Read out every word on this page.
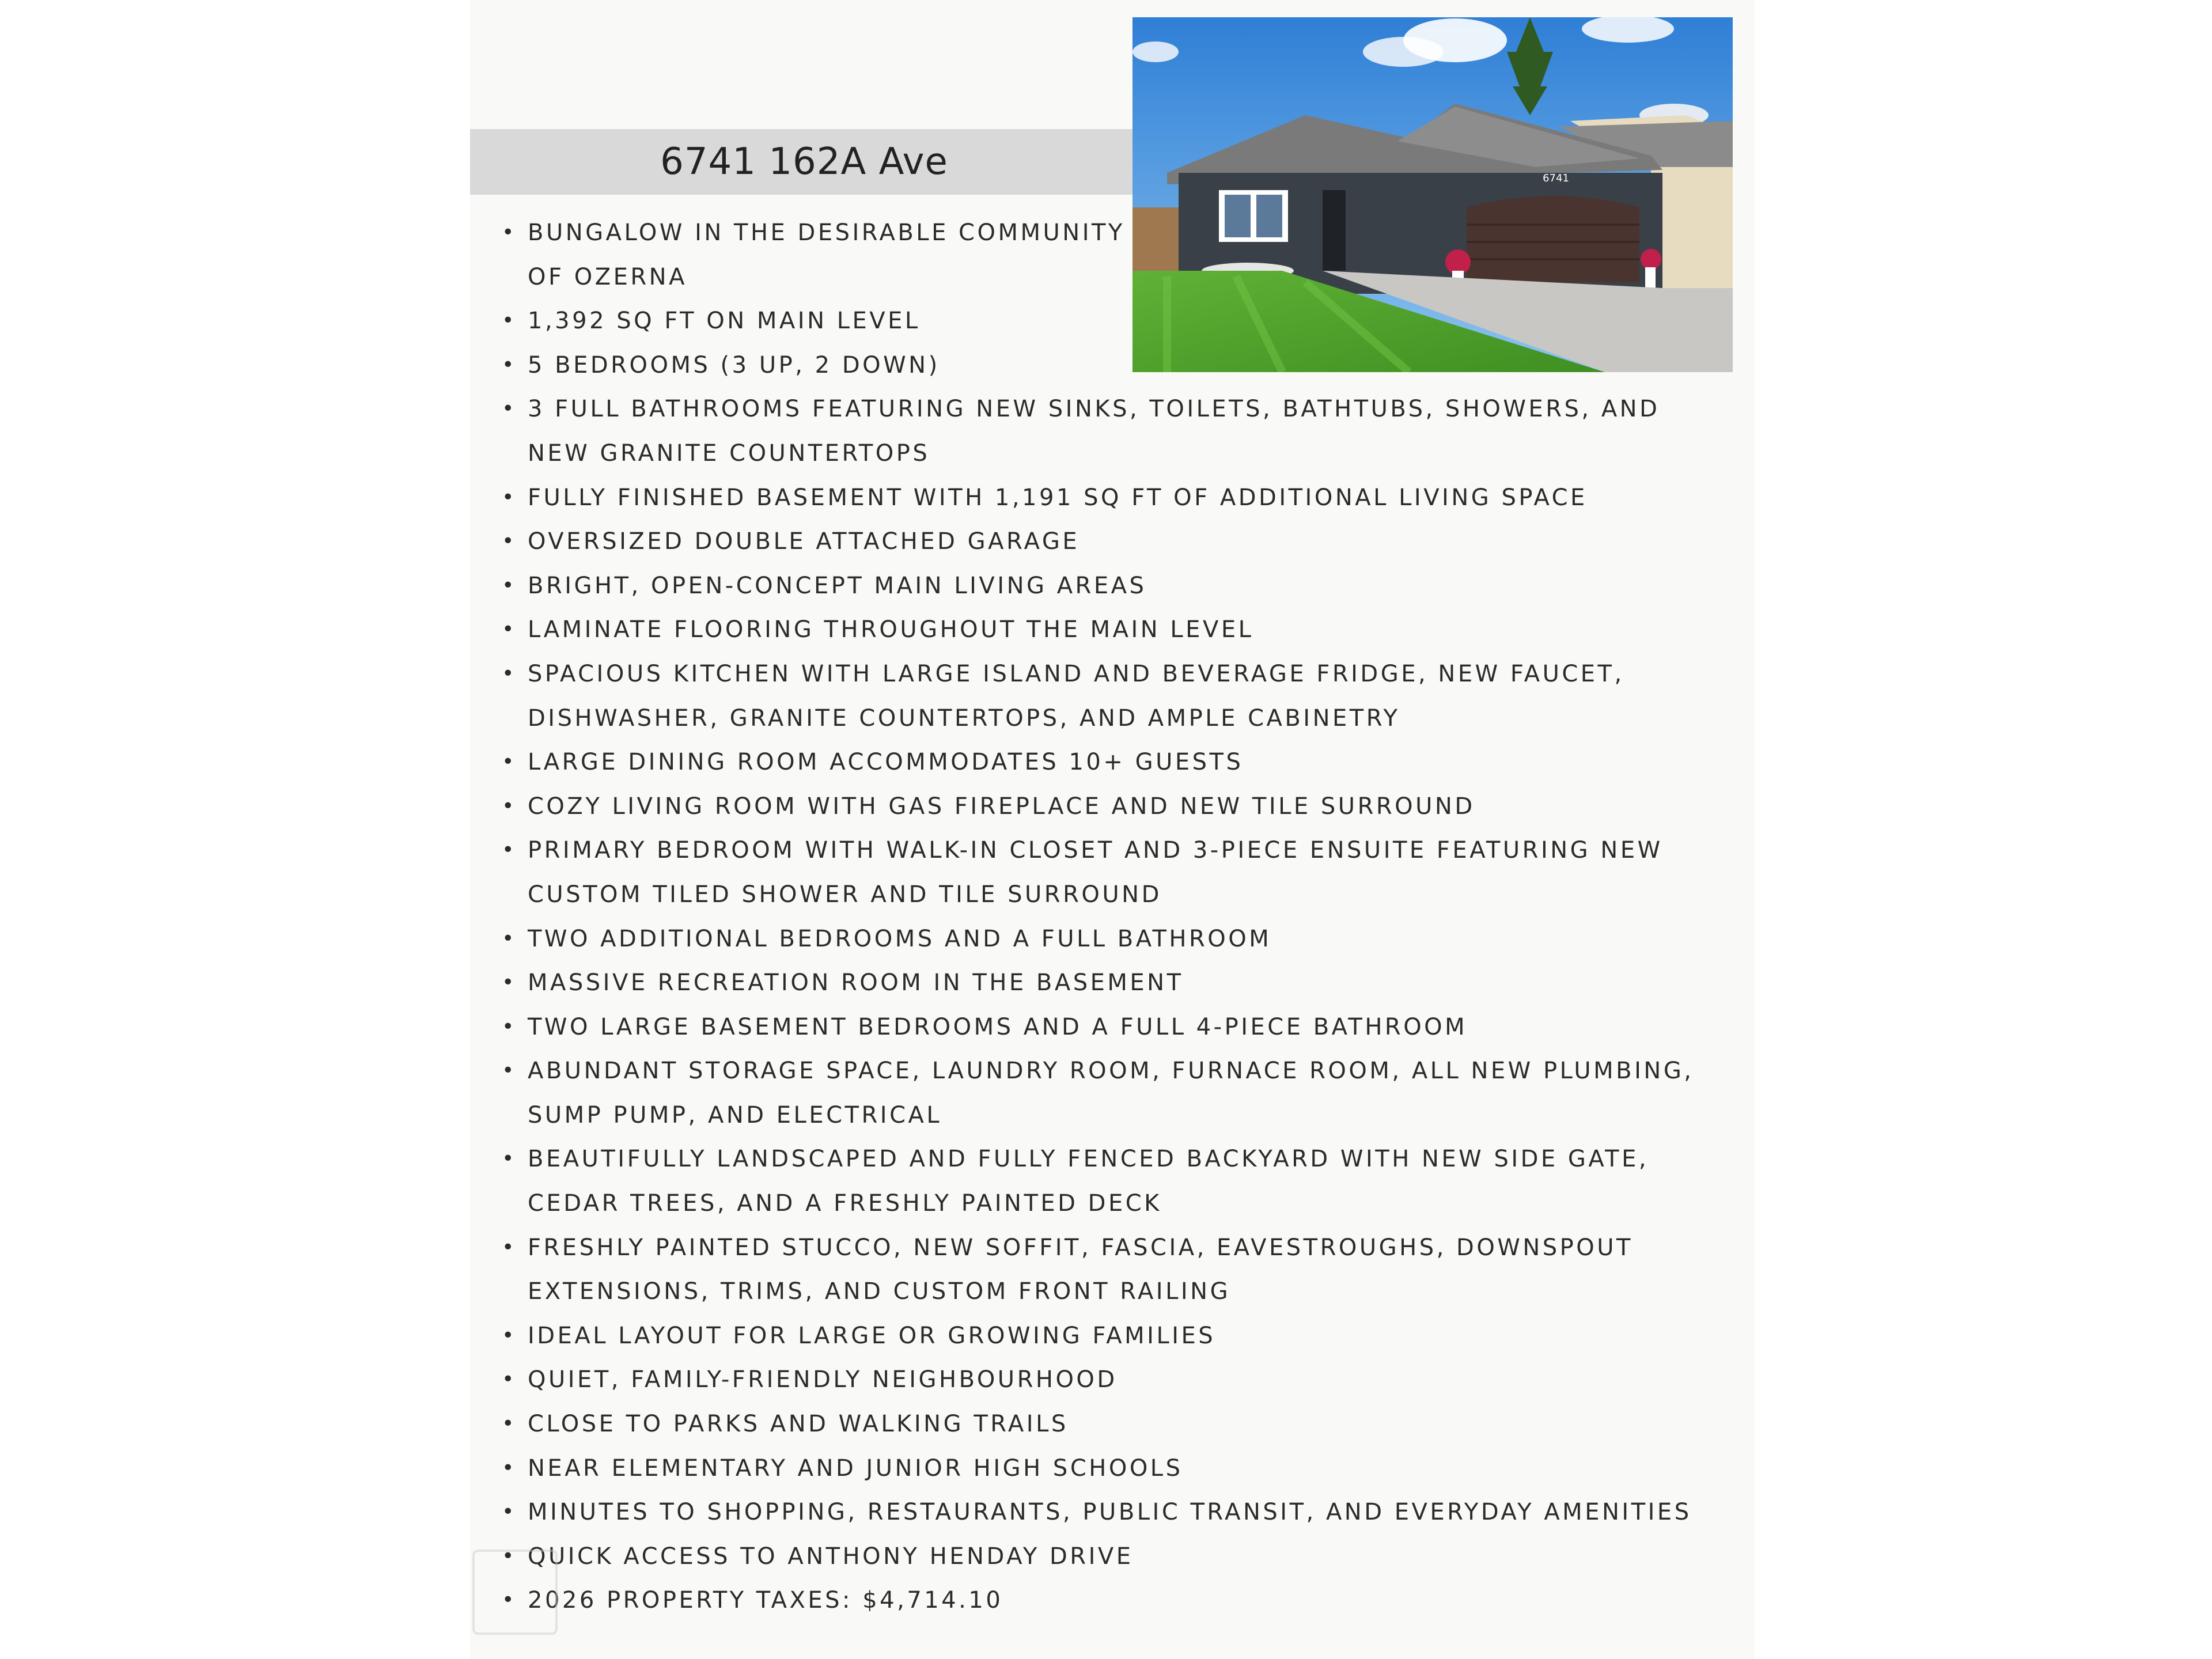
6741 162A Ave	6741
• BUNGALOW IN THE DESIRABLE COMMUNITY OF OZERNA
• 1,392 SQ FT ON MAIN LEVEL
• 5 BEDROOMS (3 UP, 2 DOWN)
• 3 FULL BATHROOMS FEATURING NEW SINKS, TOILETS, BATHTUBS, SHOWERS, AND NEW GRANITE COUNTERTOPS
• FULLY FINISHED BASEMENT WITH 1,191 SQ FT OF ADDITIONAL LIVING SPACE
• OVERSIZED DOUBLE ATTACHED GARAGE
• BRIGHT, OPEN-CONCEPT MAIN LIVING AREAS
• LAMINATE FLOORING THROUGHOUT THE MAIN LEVEL
• SPACIOUS KITCHEN WITH LARGE ISLAND AND BEVERAGE FRIDGE, NEW FAUCET, DISHWASHER, GRANITE COUNTERTOPS, AND AMPLE CABINETRY
• LARGE DINING ROOM ACCOMMODATES 10+ GUESTS
• COZY LIVING ROOM WITH GAS FIREPLACE AND NEW TILE SURROUND
• PRIMARY BEDROOM WITH WALK-IN CLOSET AND 3-PIECE ENSUITE FEATURING NEW CUSTOM TILED SHOWER AND TILE SURROUND
• TWO ADDITIONAL BEDROOMS AND A FULL BATHROOM
• MASSIVE RECREATION ROOM IN THE BASEMENT
• TWO LARGE BASEMENT BEDROOMS AND A FULL 4-PIECE BATHROOM
• ABUNDANT STORAGE SPACE, LAUNDRY ROOM, FURNACE ROOM, ALL NEW PLUMBING, SUMP PUMP, AND ELECTRICAL
• BEAUTIFULLY LANDSCAPED AND FULLY FENCED BACKYARD WITH NEW SIDE GATE, CEDAR TREES, AND A FRESHLY PAINTED DECK
• FRESHLY PAINTED STUCCO, NEW SOFFIT, FASCIA, EAVESTROUGHS, DOWNSPOUT EXTENSIONS, TRIMS, AND CUSTOM FRONT RAILING
• IDEAL LAYOUT FOR LARGE OR GROWING FAMILIES
• QUIET, FAMILY-FRIENDLY NEIGHBOURHOOD
• CLOSE TO PARKS AND WALKING TRAILS
• NEAR ELEMENTARY AND JUNIOR HIGH SCHOOLS
• MINUTES TO SHOPPING, RESTAURANTS, PUBLIC TRANSIT, AND EVERYDAY AMENITIES
• QUICK ACCESS TO ANTHONY HENDAY DRIVE
• 2026 PROPERTY TAXES: $4,714.10
